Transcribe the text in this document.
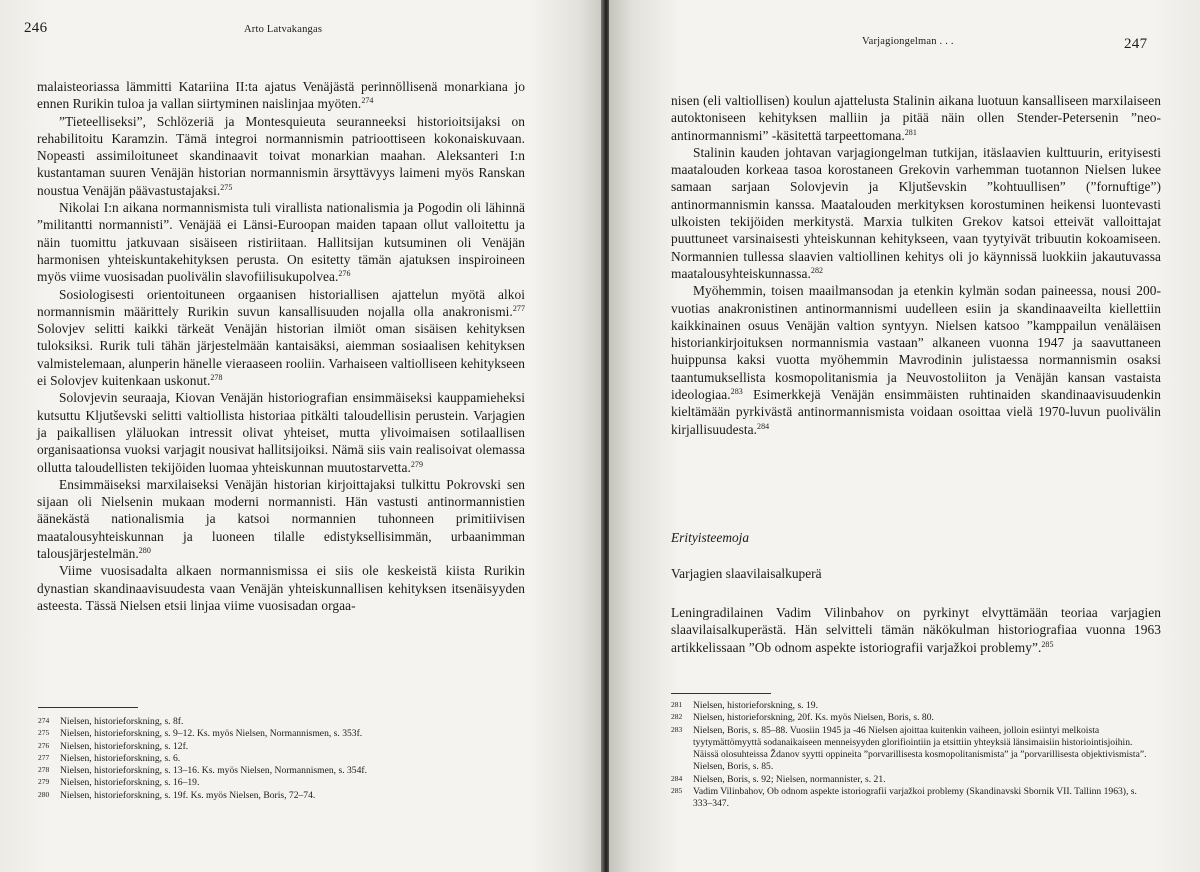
246	Arto Latvakangas

malaisteoriassa lämmitti Katariina II:ta ajatus Venäjästä perinnöllisenä monarkiana jo ennen Rurikin tuloa ja vallan siirtyminen naislinjaa myöten.$^{274}$

”Tieteelliseksi”, Schlözeriä ja Montesquieuta seuranneeksi historioitsijaksi on rehabilitoitu Karamzin. Tämä integroi normannismin patrioottiseen kokonaiskuvaan. Nopeasti assimiloituneet skandinaavit toivat monarkian maahan. Aleksanteri I:n kustantaman suuren Venäjän historian normannismin ärsyttävyys laimeni myös Ranskan noustua Venäjän päävastustajaksi.$^{275}$

Nikolai I:n aikana normannismista tuli virallista nationalismia ja Pogodin oli lähinnä ”militantti normannisti”. Venäjää ei Länsi-Euroopan maiden tapaan ollut valloitettu ja näin tuomittu jatkuvaan sisäiseen ristiriitaan. Hallitsijan kutsuminen oli Venäjän harmonisen yhteiskuntakehityksen perusta. On esitetty tämän ajatuksen inspiroineen myös viime vuosisadan puolivälin slavofiilisukupolvea.$^{276}$

Sosiologisesti orientoituneen orgaanisen historiallisen ajattelun myötä alkoi normannismin määrittely Rurikin suvun kansallisuuden nojalla olla anakronismi.$^{277}$ Solovjev selitti kaikki tärkeät Venäjän historian ilmiöt oman sisäisen kehityksen tuloksiksi. Rurik tuli tähän järjestelmään kantaisäksi, aiemman sosiaalisen kehityksen valmistelemaan, alunperin hänelle vieraaseen rooliin. Varhaiseen valtiolliseen kehitykseen ei Solovjev kuitenkaan uskonut.$^{278}$

Solovjevin seuraaja, Kiovan Venäjän historiografian ensimmäiseksi kauppamieheksi kutsuttu Kljutševski selitti valtiollista historiaa pitkälti taloudellisin perustein. Varjagien ja paikallisen yläluokan intressit olivat yhteiset, mutta ylivoimaisen sotilaallisen organisaationsa vuoksi varjagit nousivat hallitsijoiksi. Nämä siis vain realisoivat olemassa ollutta taloudellisten tekijöiden luomaa yhteiskunnan muutostarvetta.$^{279}$

Ensimmäiseksi marxilaiseksi Venäjän historian kirjoittajaksi tulkittu Pokrovski sen sijaan oli Nielsenin mukaan moderni normannisti. Hän vastusti antinormannistien äänekästä nationalismia ja katsoi normannien tuhonneen primitiivisen maatalousyhteiskunnan ja luoneen tilalle edistyksellisimmän, urbaanimman talousjärjestelmän.$^{280}$

Viime vuosisadalta alkaen normannismissa ei siis ole keskeistä kiista Rurikin dynastian skandinaavisuudesta vaan Venäjän yhteiskunnallisen kehityksen itsenäisyyden asteesta. Tässä Nielsen etsii linjaa viime vuosisadan orgaa-

274	Nielsen, historieforskning, s. 8f.
275	Nielsen, historieforskning, s. 9–12. Ks. myös Nielsen, Normannismen, s. 353f.
276	Nielsen, historieforskning, s. 12f.
277	Nielsen, historieforskning, s. 6.
278	Nielsen, historieforskning, s. 13–16. Ks. myös Nielsen, Normannismen, s. 354f.
279	Nielsen, historieforskning, s. 16–19.
280	Nielsen, historieforskning, s. 19f. Ks. myös Nielsen, Boris, 72–74.
Varjagiongelman . . .	247

nisen (eli valtiollisen) koulun ajattelusta Stalinin aikana luotuun kansalliseen marxilaiseen autoktoniseen kehityksen malliin ja pitää näin ollen Stender-Petersenin ”neo-antinormannismi” -käsitettä tarpeettomana.$^{281}$

Stalinin kauden johtavan varjagiongelman tutkijan, itäslaavien kulttuurin, erityisesti maatalouden korkeaa tasoa korostaneen Grekovin varhemman tuotannon Nielsen lukee samaan sarjaan Solovjevin ja Kljutševskin ”kohtuullisen” (”fornuftige”) antinormannismin kanssa. Maatalouden merkityksen korostuminen heikensi luontevasti ulkoisten tekijöiden merkitystä. Marxia tulkiten Grekov katsoi etteivät valloittajat puuttuneet varsinaisesti yhteiskunnan kehitykseen, vaan tyytyivät tribuutin kokoamiseen. Normannien tullessa slaavien valtiollinen kehitys oli jo käynnissä luokkiin jakautuvassa maatalousyhteiskunnassa.$^{282}$

Myöhemmin, toisen maailmansodan ja etenkin kylmän sodan paineessa, nousi 200-vuotias anakronistinen antinormannismi uudelleen esiin ja skandinaaveilta kiellettiin kaikkinainen osuus Venäjän valtion syntyyn. Nielsen katsoo ”kamppailun venäläisen historiankirjoituksen normannismia vastaan” alkaneen vuonna 1947 ja saavuttaneen huippunsa kaksi vuotta myöhemmin Mavrodinin julistaessa normannismin osaksi taantumuksellista kosmopolitanismia ja Neuvostoliiton ja Venäjän kansan vastaista ideologiaa.$^{283}$ Esimerkkejä Venäjän ensimmäisten ruhtinaiden skandinaavisuudenkin kieltämään pyrkivästä antinormannismista voidaan osoittaa vielä 1970-luvun puolivälin kirjallisuudesta.$^{284}$

Erityisteemoja
Varjagien slaavilaisalkuperä

Leningradilainen Vadim Vilinbahov on pyrkinyt elvyttämään teoriaa varjagien slaavilaisalkuperästä. Hän selvitteli tämän näkökulman historiografiaa vuonna 1963 artikkelissaan ”Ob odnom aspekte istoriografii varjažkoi problemy”.$^{285}$

281	Nielsen, historieforskning, s. 19.
282	Nielsen, historieforskning, 20f. Ks. myös Nielsen, Boris, s. 80.
283	Nielsen, Boris, s. 85–88. Vuosiin 1945 ja -46 Nielsen ajoittaa kuitenkin vaiheen, jolloin esiintyi melkoista tyytymättömyyttä sodanaikaiseen menneisyyden glorifiointiin ja etsittiin yhteyksiä länsimaisiin historiointisjoihin. Näissä olosuhteissa Ždanov syytti oppineita ”porvarillisesta kosmopolitanismista” ja ”porvarillisesta objektivismista”. Nielsen, Boris, s. 85.
284	Nielsen, Boris, s. 92; Nielsen, normannister, s. 21.
285	Vadim Vilinbahov, Ob odnom aspekte istoriografii varjažkoi problemy (Skandinavski Sbornik VII. Tallinn 1963), s. 333–347.
